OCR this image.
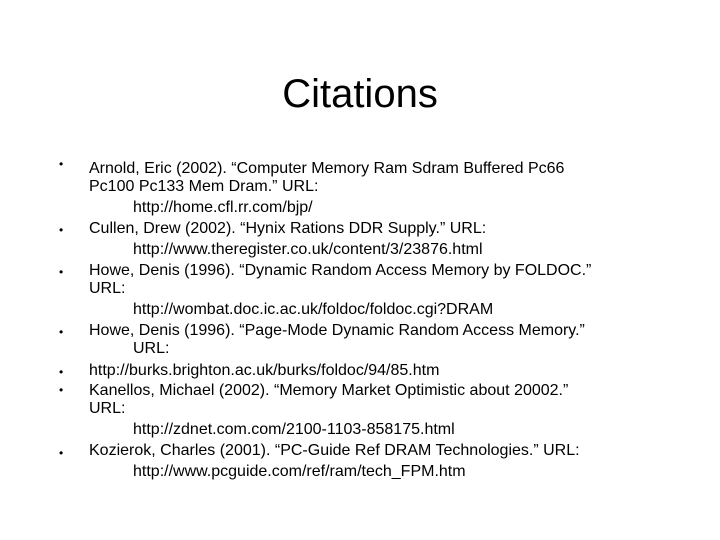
Citations
• Arnold, Eric (2002). “Computer Memory Ram Sdram Buffered Pc66
Pc100 Pc133 Mem Dram.” URL:
http://home.cfl.rr.com/bjp/
• Cullen, Drew (2002). “Hynix Rations DDR Supply.” URL:
http://www.theregister.co.uk/content/3/23876.html
• Howe, Denis (1996). “Dynamic Random Access Memory by FOLDOC.”
URL:
http://wombat.doc.ic.ac.uk/foldoc/foldoc.cgi?DRAM
• Howe, Denis (1996). “Page-Mode Dynamic Random Access Memory.”
URL:
• http://burks.brighton.ac.uk/burks/foldoc/94/85.htm
• Kanellos, Michael (2002). “Memory Market Optimistic about 20002.”
URL:
http://zdnet.com.com/2100-1103-858175.html
• Kozierok, Charles (2001). “PC-Guide Ref DRAM Technologies.” URL:
http://www.pcguide.com/ref/ram/tech_FPM.htm
